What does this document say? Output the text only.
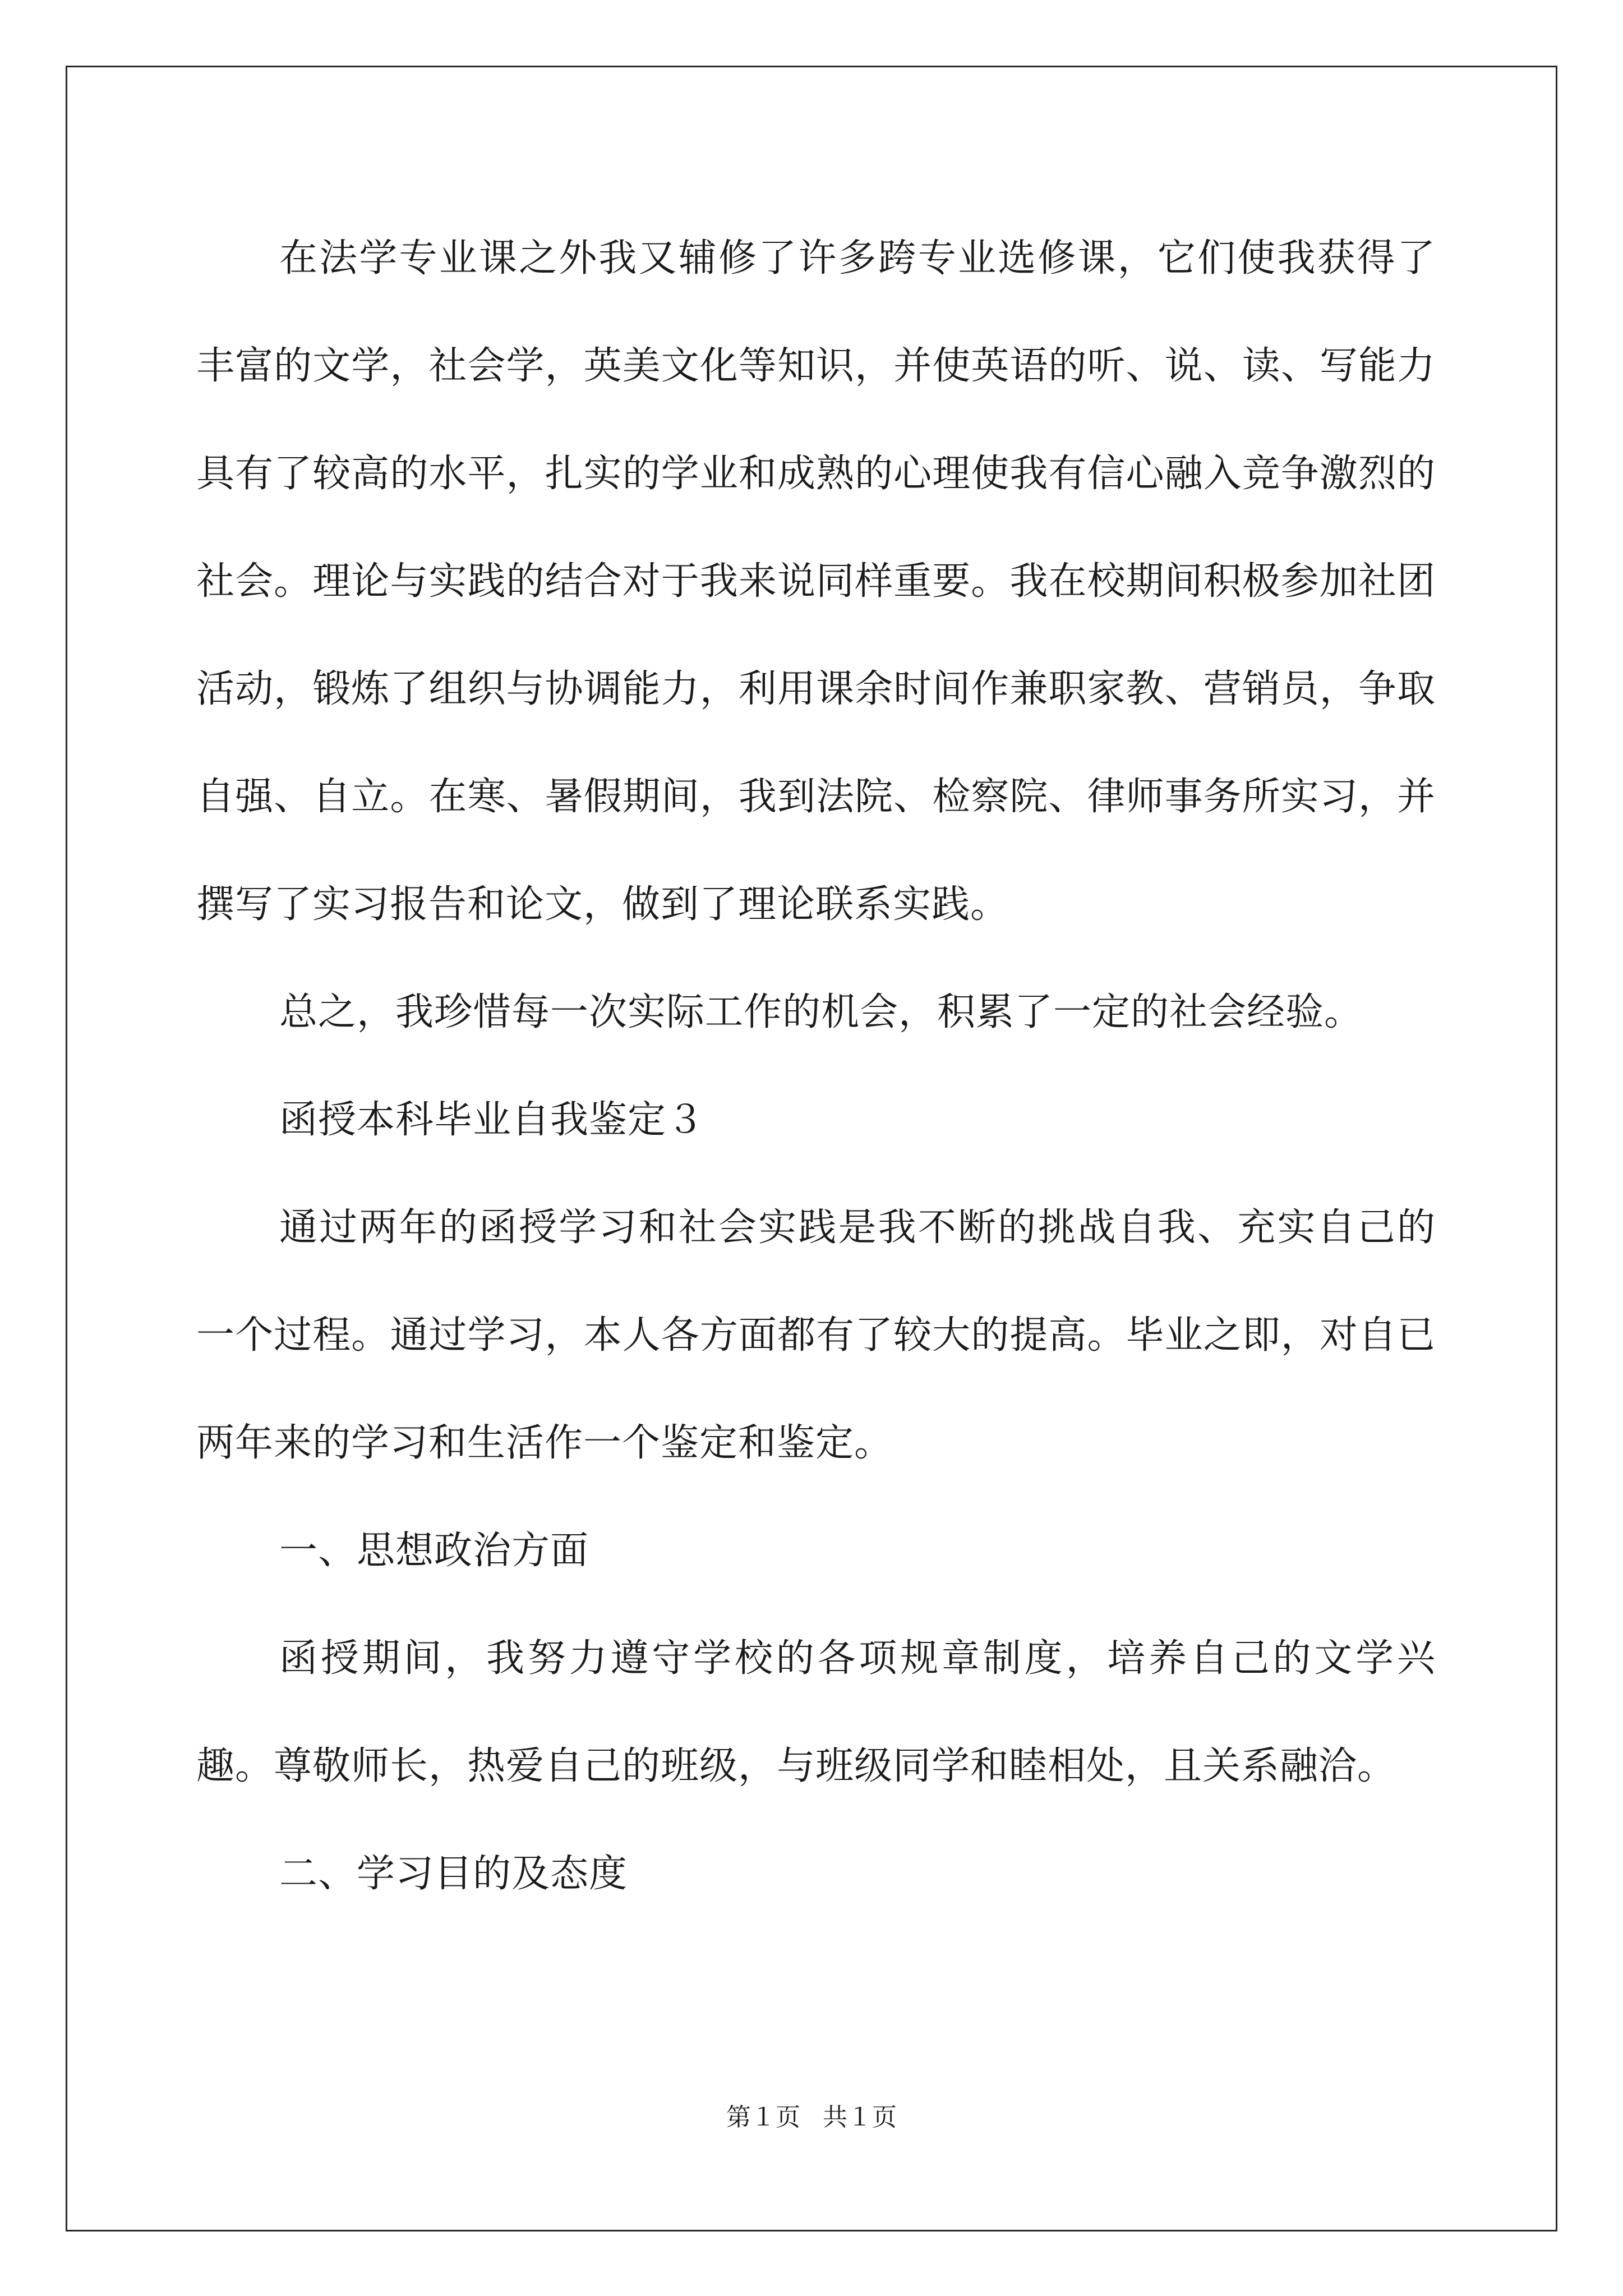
在法学专业课之外我又辅修了许多跨专业选修课，它们使我获得了丰富的文学，社会学，英美文化等知识，并使英语的听、说、读、写能力具有了较高的水平，扎实的学业和成熟的心理使我有信心融入竞争激烈的社会。理论与实践的结合对于我来说同样重要。我在校期间积极参加社团活动，锻炼了组织与协调能力，利用课余时间作兼职家教、营销员，争取自强、自立。在寒、暑假期间，我到法院、检察院、律师事务所实习，并撰写了实习报告和论文，做到了理论联系实践。

总之，我珍惜每一次实际工作的机会，积累了一定的社会经验。

函授本科毕业自我鉴定３

通过两年的函授学习和社会实践是我不断的挑战自我、充实自己的一个过程。通过学习，本人各方面都有了较大的提高。毕业之即，对自已两年来的学习和生活作一个鉴定和鉴定。

一、思想政治方面

函授期间，我努力遵守学校的各项规章制度，培养自己的文学兴趣。尊敬师长，热爱自己的班级，与班级同学和睦相处，且关系融洽。

二、学习目的及态度

第１页 共１页
